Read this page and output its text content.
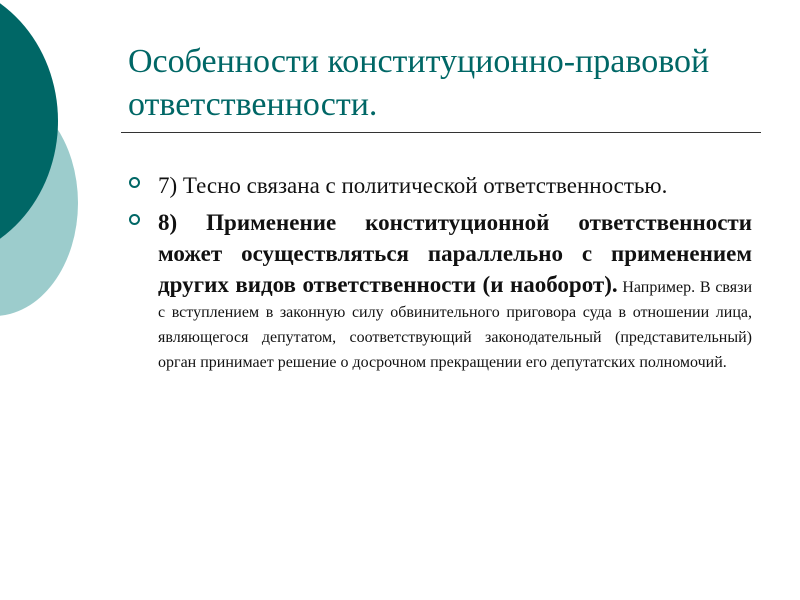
Особенности конституционно-правовой ответственности.
7) Тесно связана с политической ответственностью.
8) Применение конституционной ответственности может осуществляться параллельно с применением других видов ответственности (и наоборот). Например. В связи с вступлением в законную силу обвинительного приговора суда в отношении лица, являющегося депутатом, соответствующий законодательный (представительный) орган принимает решение о досрочном прекращении его депутатских полномочий.
